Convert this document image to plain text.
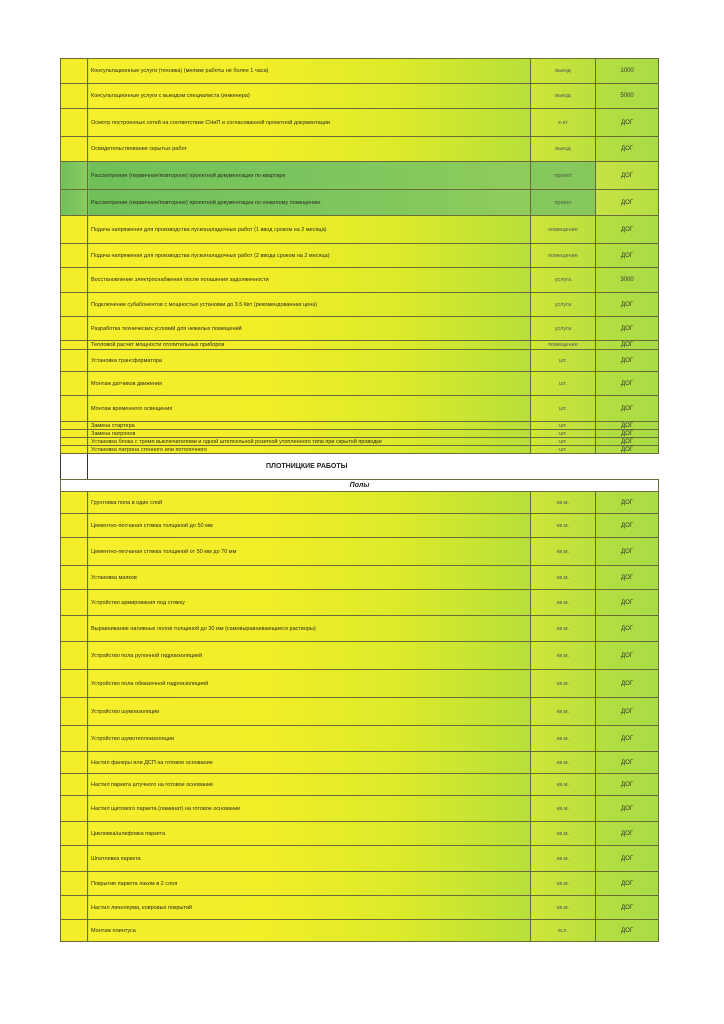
	Консультационные услуги (техника) (мелкие работы не более 1 часа)	выезд	1000
	Консультационные услуги с выездом специалиста (инженера)	выезд	5000
	Осмотр построенных сетей на соответствие СНиП и согласованной проектной документации	к-кт	ДОГ
	Освидетельствование скрытых работ	выезд	ДОГ
	Рассмотрение (первичное/повторное) проектной документации по квартире	проект	ДОГ
	Рассмотрение (первичное/повторное) проектной документации по нежилому помещению	проект	ДОГ
	Подача напряжения для производства пусконаладочных работ (1 ввод сроком на 2 месяца)	помещение	ДОГ
	Подача напряжения для производства пусконаладочных работ (2 ввода сроком на 2 месяца)	помещение	ДОГ
	Восстановление электроснабжения после погашения задолженности	услуга	3000
	Подключение субабонентов с мощностью установки до 3.5 Квт (рекомендованная цена)	услуга	ДОГ
	Разработка технических условий для нежилых помещений	услуга	ДОГ
	Тепловой расчет мощности отопительных приборов	помещение	ДОГ
	Установка трансформатора	шт.	ДОГ
	Монтаж датчиков движения	шт.	ДОГ
	Монтаж временного освещения	шт.	ДОГ
	Замена стартера	шт.	ДОГ
	Замена патронов	шт.	ДОГ
	Установка блока с тремя выключателями и одной штепсельной розеткой утопленного типа при скрытой проводке	шт.	ДОГ
	Установка патрона стенного или потолочного	шт.	ДОГ
	ПЛОТНИЦКИЕ РАБОТЫ		
Полы			
	Грунтовка пола в один слой	кв.м.	ДОГ
	Цементно-песчаная стяжка толщиной до 50 мм	кв.м.	ДОГ
	Цементно-песчаная стяжка толщиной от 50 мм до 70 мм	кв.м.	ДОГ
	Установка маяков	кв.м.	ДОГ
	Устройство армирования под стяжку	кв.м.	ДОГ
	Выравнивание наливных полов толщиной до 30 мм (самовыравнивающиеся растворы)	кв.м.	ДОГ
	Устройство пола рулонной гидроизоляцией	кв.м.	ДОГ
	Устройство пола обмазочной гидроизоляцией	кв.м.	ДОГ
	Устройство шумоизоляции	кв.м.	ДОГ
	Устройство шумотеплоизоляции	кв.м.	ДОГ
	Настил фанеры или ДСП на готовое основание	кв.м.	ДОГ
	Настил паркета штучного на готовое основание	кв.м.	ДОГ
	Настил щитового паркета (ламинат) на готовое основание	кв.м.	ДОГ
	Циклевка/шлифовка паркета	кв.м.	ДОГ
	Шпатлевка паркета	кв.м.	ДОГ
	Покрытие паркета лаком в 2 слоя	кв.м.	ДОГ
	Настил линолеума, ковровых покрытий	кв.м.	ДОГ
	Монтаж плинтуса	м.п.	ДОГ
